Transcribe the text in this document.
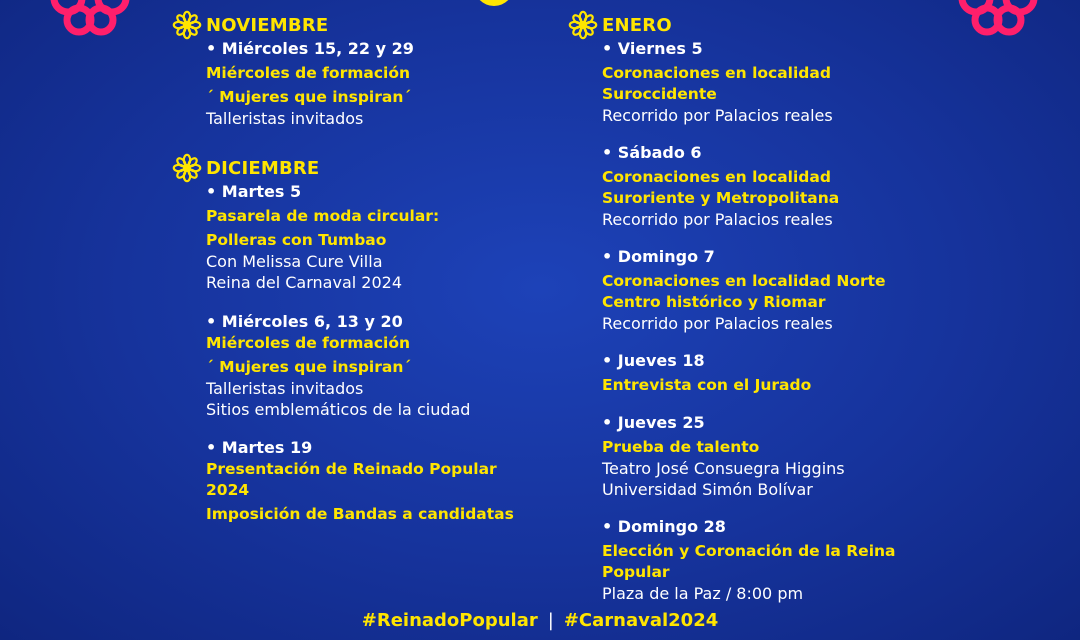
NOVIEMBRE
• Miércoles 15, 22 y 29
Miércoles de formación
´ Mujeres que inspiran´
Talleristas invitados
DICIEMBRE
• Martes 5
Pasarela de moda circular:
Polleras con Tumbao
Con Melissa Cure Villa
Reina del Carnaval 2024
• Miércoles 6, 13 y 20
Miércoles de formación
´ Mujeres que inspiran´
Talleristas invitados
Sitios emblemáticos de la ciudad
• Martes 19
Presentación de Reinado Popular
2024
Imposición de Bandas a candidatas
ENERO
• Viernes 5
Coronaciones en localidad
Suroccidente
Recorrido por Palacios reales
• Sábado 6
Coronaciones en localidad
Suroriente y Metropolitana
Recorrido por Palacios reales
• Domingo 7
Coronaciones en localidad Norte
Centro histórico y Riomar
Recorrido por Palacios reales
• Jueves 18
Entrevista con el Jurado
• Jueves 25
Prueba de talento
Teatro José Consuegra Higgins
Universidad Simón Bolívar
• Domingo 28
Elección y Coronación de la Reina
Popular
Plaza de la Paz / 8:00 pm
#ReinadoPopular | #Carnaval2024
